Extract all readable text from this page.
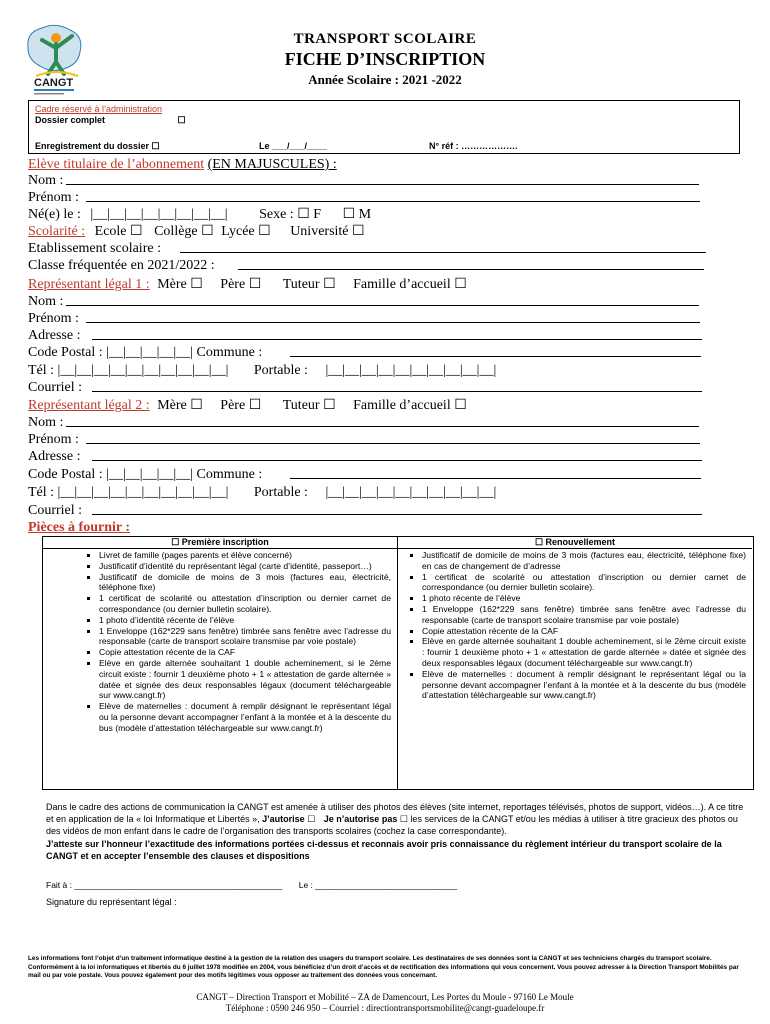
CANGT
TRANSPORT SCOLAIRE
FICHE D’INSCRIPTION
Année Scolaire : 2021 -2022
Cadre réservé à l’administration
Dossier complet	☐
Enregistrement du dossier ☐	Le ___/___/____	N° réf : ……………….
Elève titulaire de l’abonnement (EN MAJUSCULES) :
Nom :
Prénom :
Né(e) le : |__|__|__|__|__|__|__|__| Sexe : ☐ F ☐ M
Scolarité : Ecole ☐ Collège ☐ Lycée ☐ Université ☐
Etablissement scolaire :
Classe fréquentée en 2021/2022 :
Représentant légal 1 : Mère ☐ Père ☐ Tuteur ☐ Famille d’accueil ☐
Nom :
Prénom :
Adresse :
Code Postal : |__|__|__|__|__| Commune :
Tél : |__|__|__|__|__|__|__|__|__|__| Portable : |__|__|__|__|__|__|__|__|__|__|
Courriel :
Représentant légal 2 : Mère ☐ Père ☐ Tuteur ☐ Famille d’accueil ☐
Nom :
Prénom :
Adresse :
Code Postal : |__|__|__|__|__| Commune :
Tél : |__|__|__|__|__|__|__|__|__|__| Portable : |__|__|__|__|__|__|__|__|__|__|
Courriel :
Pièces à fournir :
☐ Première inscription
▪ Livret de famille (pages parents et élève concerné)
▪ Justificatif d’identité du représentant légal (carte d’identité, passeport…)
▪ Justificatif de domicile de moins de 3 mois (factures eau, électricité, téléphone fixe)
▪ 1 certificat de scolarité ou attestation d’inscription ou dernier carnet de correspondance (ou dernier bulletin scolaire).
▪ 1 photo d’identité récente de l’élève
▪ 1 Enveloppe (162*229 sans fenêtre) timbrée sans fenêtre avec l’adresse du responsable (carte de transport scolaire transmise par voie postale)
▪ Copie attestation récente de la CAF
▪ Elève en garde alternée souhaitant 1 double acheminement, si le 2ème circuit existe : fournir 1 deuxième photo + 1 « attestation de garde alternée » datée et signée des deux responsables légaux (document téléchargeable sur www.cangt.fr)
▪ Elève de maternelles : document à remplir désignant le représentant légal ou la personne devant accompagner l’enfant à la montée et à la descente du bus (modèle d’attestation téléchargeable sur www.cangt.fr)
☐ Renouvellement
▪ Justificatif de domicile de moins de 3 mois (factures eau, électricité, téléphone fixe) en cas de changement de d’adresse
▪ 1 certificat de scolarité ou attestation d’inscription ou dernier carnet de correspondance (ou dernier bulletin scolaire).
▪ 1 photo récente de l’élève
▪ 1 Enveloppe (162*229 sans fenêtre) timbrée sans fenêtre avec l’adresse du responsable (carte de transport scolaire transmise par voie postale)
▪ Copie attestation récente de la CAF
▪ Elève en garde alternée souhaitant 1 double acheminement, si le 2ème circuit existe : fournir 1 deuxième photo + 1 « attestation de garde alternée » datée et signée des deux responsables légaux (document téléchargeable sur www.cangt.fr)
▪ Elève de maternelles : document à remplir désignant le représentant légal ou la personne devant accompagner l’enfant à la montée et à la descente du bus (modèle d’attestation téléchargeable sur www.cangt.fr)
Dans le cadre des actions de communication la CANGT est amenée à utiliser des photos des élèves (site internet, reportages télévisés, photos de support, vidéos…). A ce titre et en application de la « loi Informatique et Libertés », J’autorise ☐ Je n’autorise pas ☐ les services de la CANGT et/ou les médias à utiliser à titre gracieux des photos ou des vidéos de mon enfant dans le cadre de l’organisation des transports scolaires (cochez la case correspondante).
J’atteste sur l’honneur l’exactitude des informations portées ci-dessus et reconnais avoir pris connaissance du règlement intérieur du transport scolaire de la CANGT et en accepter l’ensemble des clauses et dispositions
Fait à : ____________________________________________ Le : ______________________________
Signature du représentant légal :
Les informations font l’objet d’un traitement informatique destiné à la gestion de la relation des usagers du transport scolaire. Les destinataires de ses données sont la CANGT et ses techniciens chargés du transport scolaire. Conformément à la loi informatiques et libertés du 6 juillet 1978 modifiée en 2004, vous bénéficiez d’un droit d’accès et de rectification des informations qui vous concernent. Vous pouvez adresser à la Direction Transport Mobilités par mail ou par voie postale. Vous pouvez également pour des motifs légitimes vous opposer au traitement des données vous concernant.
CANGT – Direction Transport et Mobilité – ZA de Damencourt, Les Portes du Moule - 97160 Le Moule
Téléphone : 0590 246 950 – Courriel : directiontransportsmobilite@cangt-guadeloupe.fr
